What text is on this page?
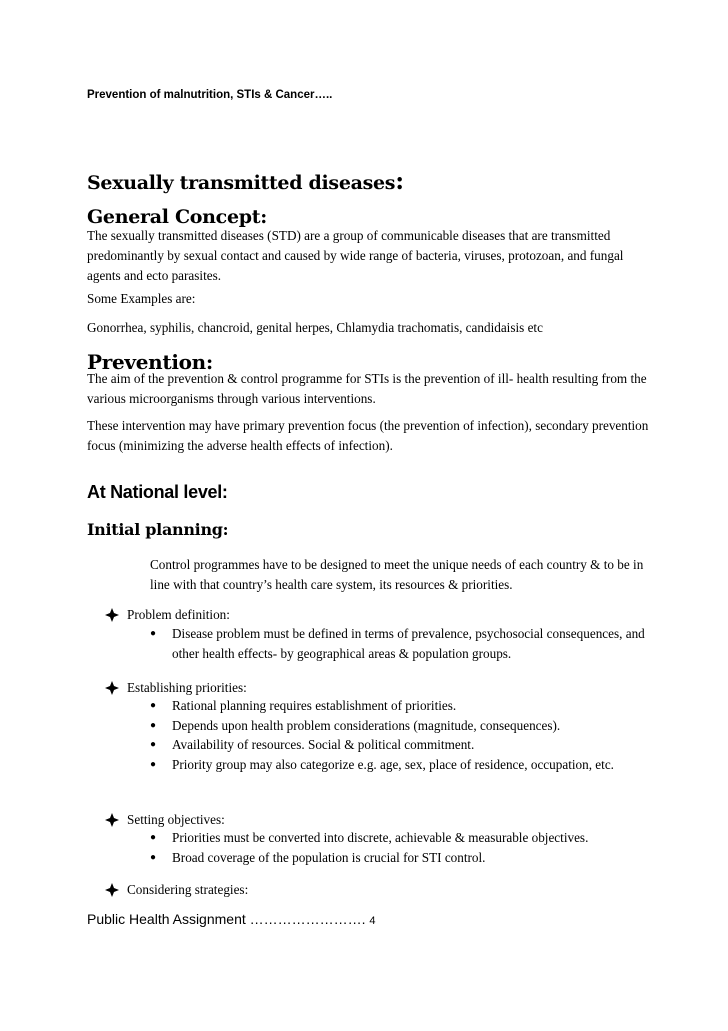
Prevention of malnutrition, STIs & Cancer…..
Sexually transmitted diseases:
General Concept:
The sexually transmitted diseases (STD) are a group of communicable diseases that are transmitted predominantly by sexual contact and caused by wide range of bacteria, viruses, protozoan, and fungal agents and ecto parasites.
Some Examples are:
Gonorrhea, syphilis, chancroid, genital herpes, Chlamydia trachomatis, candidaisis etc
Prevention:
The aim of the prevention & control programme for STIs is the prevention of ill- health resulting from the various microorganisms through various interventions.
These intervention may have primary prevention focus (the prevention of infection), secondary prevention focus (minimizing the adverse health effects of infection).
At National level:
Initial planning:
Control programmes have to be designed to meet the unique needs of each country & to be in line with that country’s health care system, its resources & priorities.
Problem definition:
●	Disease problem must be defined in terms of prevalence, psychosocial consequences, and other health effects- by geographical areas & population groups.
Establishing priorities:
●	Rational planning requires establishment of priorities.
●	Depends upon health problem considerations (magnitude, consequences).
●	Availability of resources. Social & political commitment.
●	Priority group may also categorize e.g. age, sex, place of residence, occupation, etc.
Setting objectives:
●	Priorities must be converted into discrete, achievable & measurable objectives.
●	Broad coverage of the population is crucial for STI control.
Considering strategies:
Public Health Assignment ……………………. 4
